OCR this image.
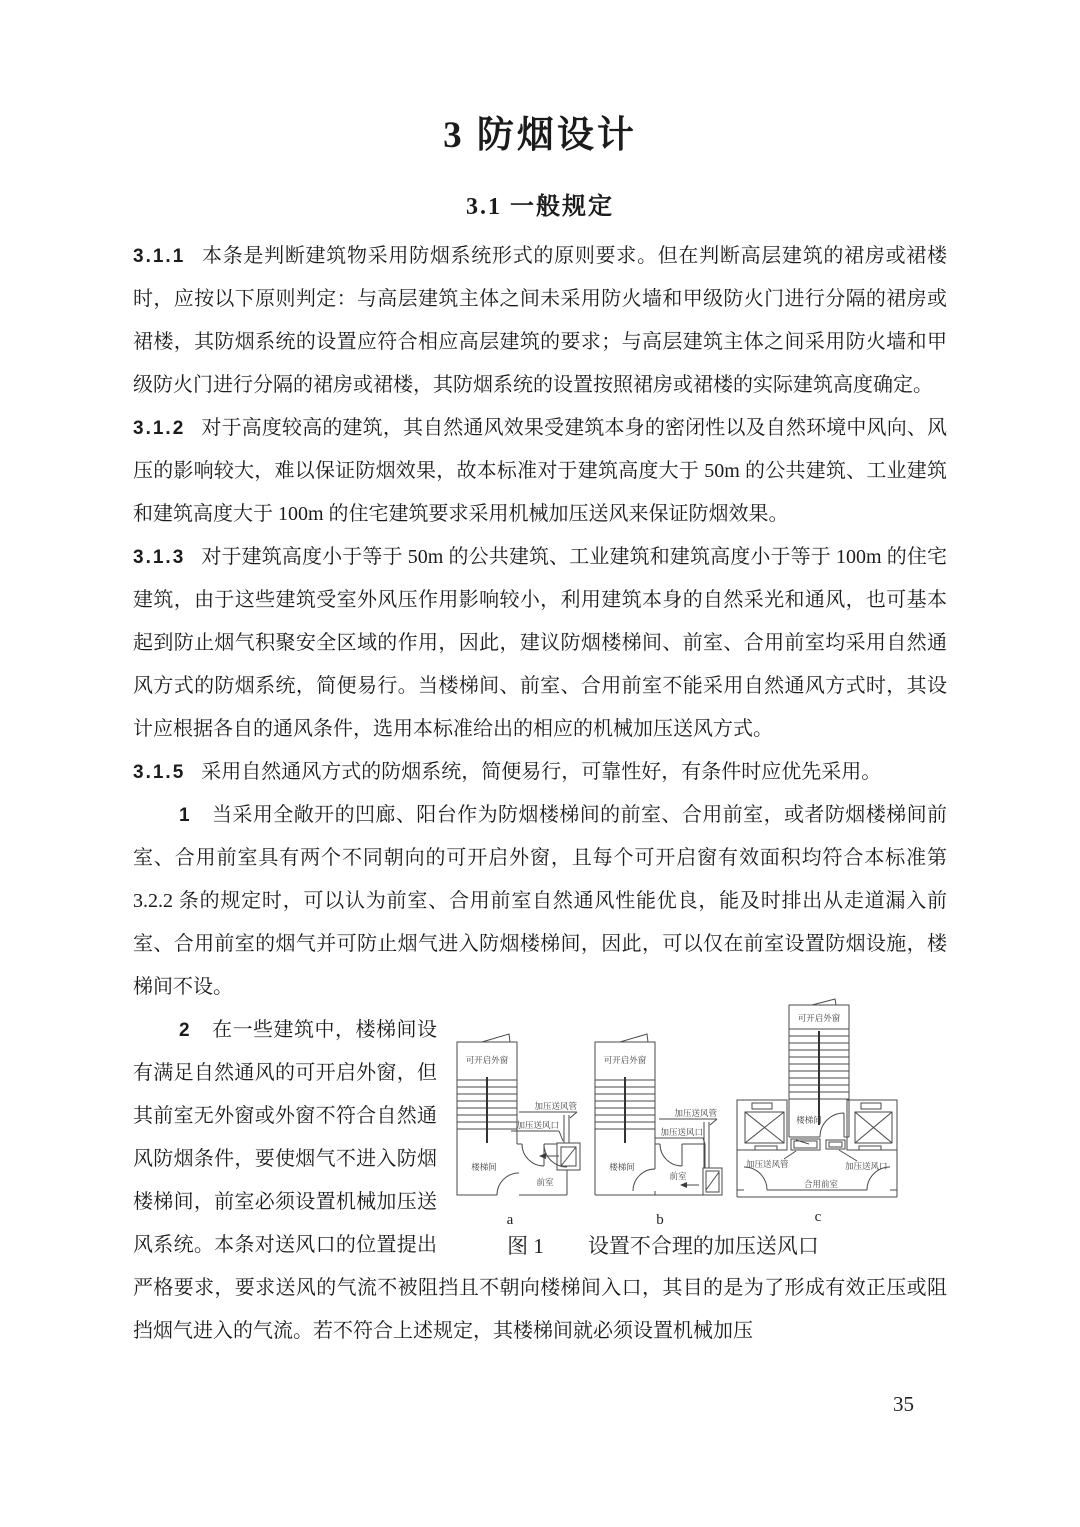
3 防烟设计
3.1 一般规定

3.1.1 本条是判断建筑物采用防烟系统形式的原则要求。但在判断高层建筑的裙房或裙楼时，应按以下原则判定：与高层建筑主体之间未采用防火墙和甲级防火门进行分隔的裙房或裙楼，其防烟系统的设置应符合相应高层建筑的要求；与高层建筑主体之间采用防火墙和甲级防火门进行分隔的裙房或裙楼，其防烟系统的设置按照裙房或裙楼的实际建筑高度确定。

3.1.2 对于高度较高的建筑，其自然通风效果受建筑本身的密闭性以及自然环境中风向、风压的影响较大，难以保证防烟效果，故本标准对于建筑高度大于 50m 的公共建筑、工业建筑和建筑高度大于 100m 的住宅建筑要求采用机械加压送风来保证防烟效果。

3.1.3 对于建筑高度小于等于 50m 的公共建筑、工业建筑和建筑高度小于等于 100m 的住宅建筑，由于这些建筑受室外风压作用影响较小，利用建筑本身的自然采光和通风，也可基本起到防止烟气积聚安全区域的作用，因此，建议防烟楼梯间、前室、合用前室均采用自然通风方式的防烟系统，简便易行。当楼梯间、前室、合用前室不能采用自然通风方式时，其设计应根据各自的通风条件，选用本标准给出的相应的机械加压送风方式。

3.1.5 采用自然通风方式的防烟系统，简便易行，可靠性好，有条件时应优先采用。

1 当采用全敞开的凹廊、阳台作为防烟楼梯间的前室、合用前室，或者防烟楼梯间前室、合用前室具有两个不同朝向的可开启外窗，且每个可开启窗有效面积均符合本标准第 3.2.2 条的规定时，可以认为前室、合用前室自然通风性能优良，能及时排出从走道漏入前室、合用前室的烟气并可防止烟气进入防烟楼梯间，因此，可以仅在前室设置防烟设施，楼梯间不设。

可开启外窗
楼梯间
前室
加压送风管
加压送风口
a
可开启外窗
楼梯间
前室
加压送风管
加压送风口
b
可开启外窗
楼梯间
加压送风管	加压送风口
合用前室
c
图 1 设置不合理的加压送风口

2 在一些建筑中，楼梯间设有满足自然通风的可开启外窗，但其前室无外窗或外窗不符合自然通风防烟条件，要使烟气不进入防烟楼梯间，前室必须设置机械加压送风系统。本条对送风口的位置提出严格要求，要求送风的气流不被阻挡且不朝向楼梯间入口，其目的是为了形成有效正压或阻挡烟气进入的气流。若不符合上述规定，其楼梯间就必须设置机械加压

35
